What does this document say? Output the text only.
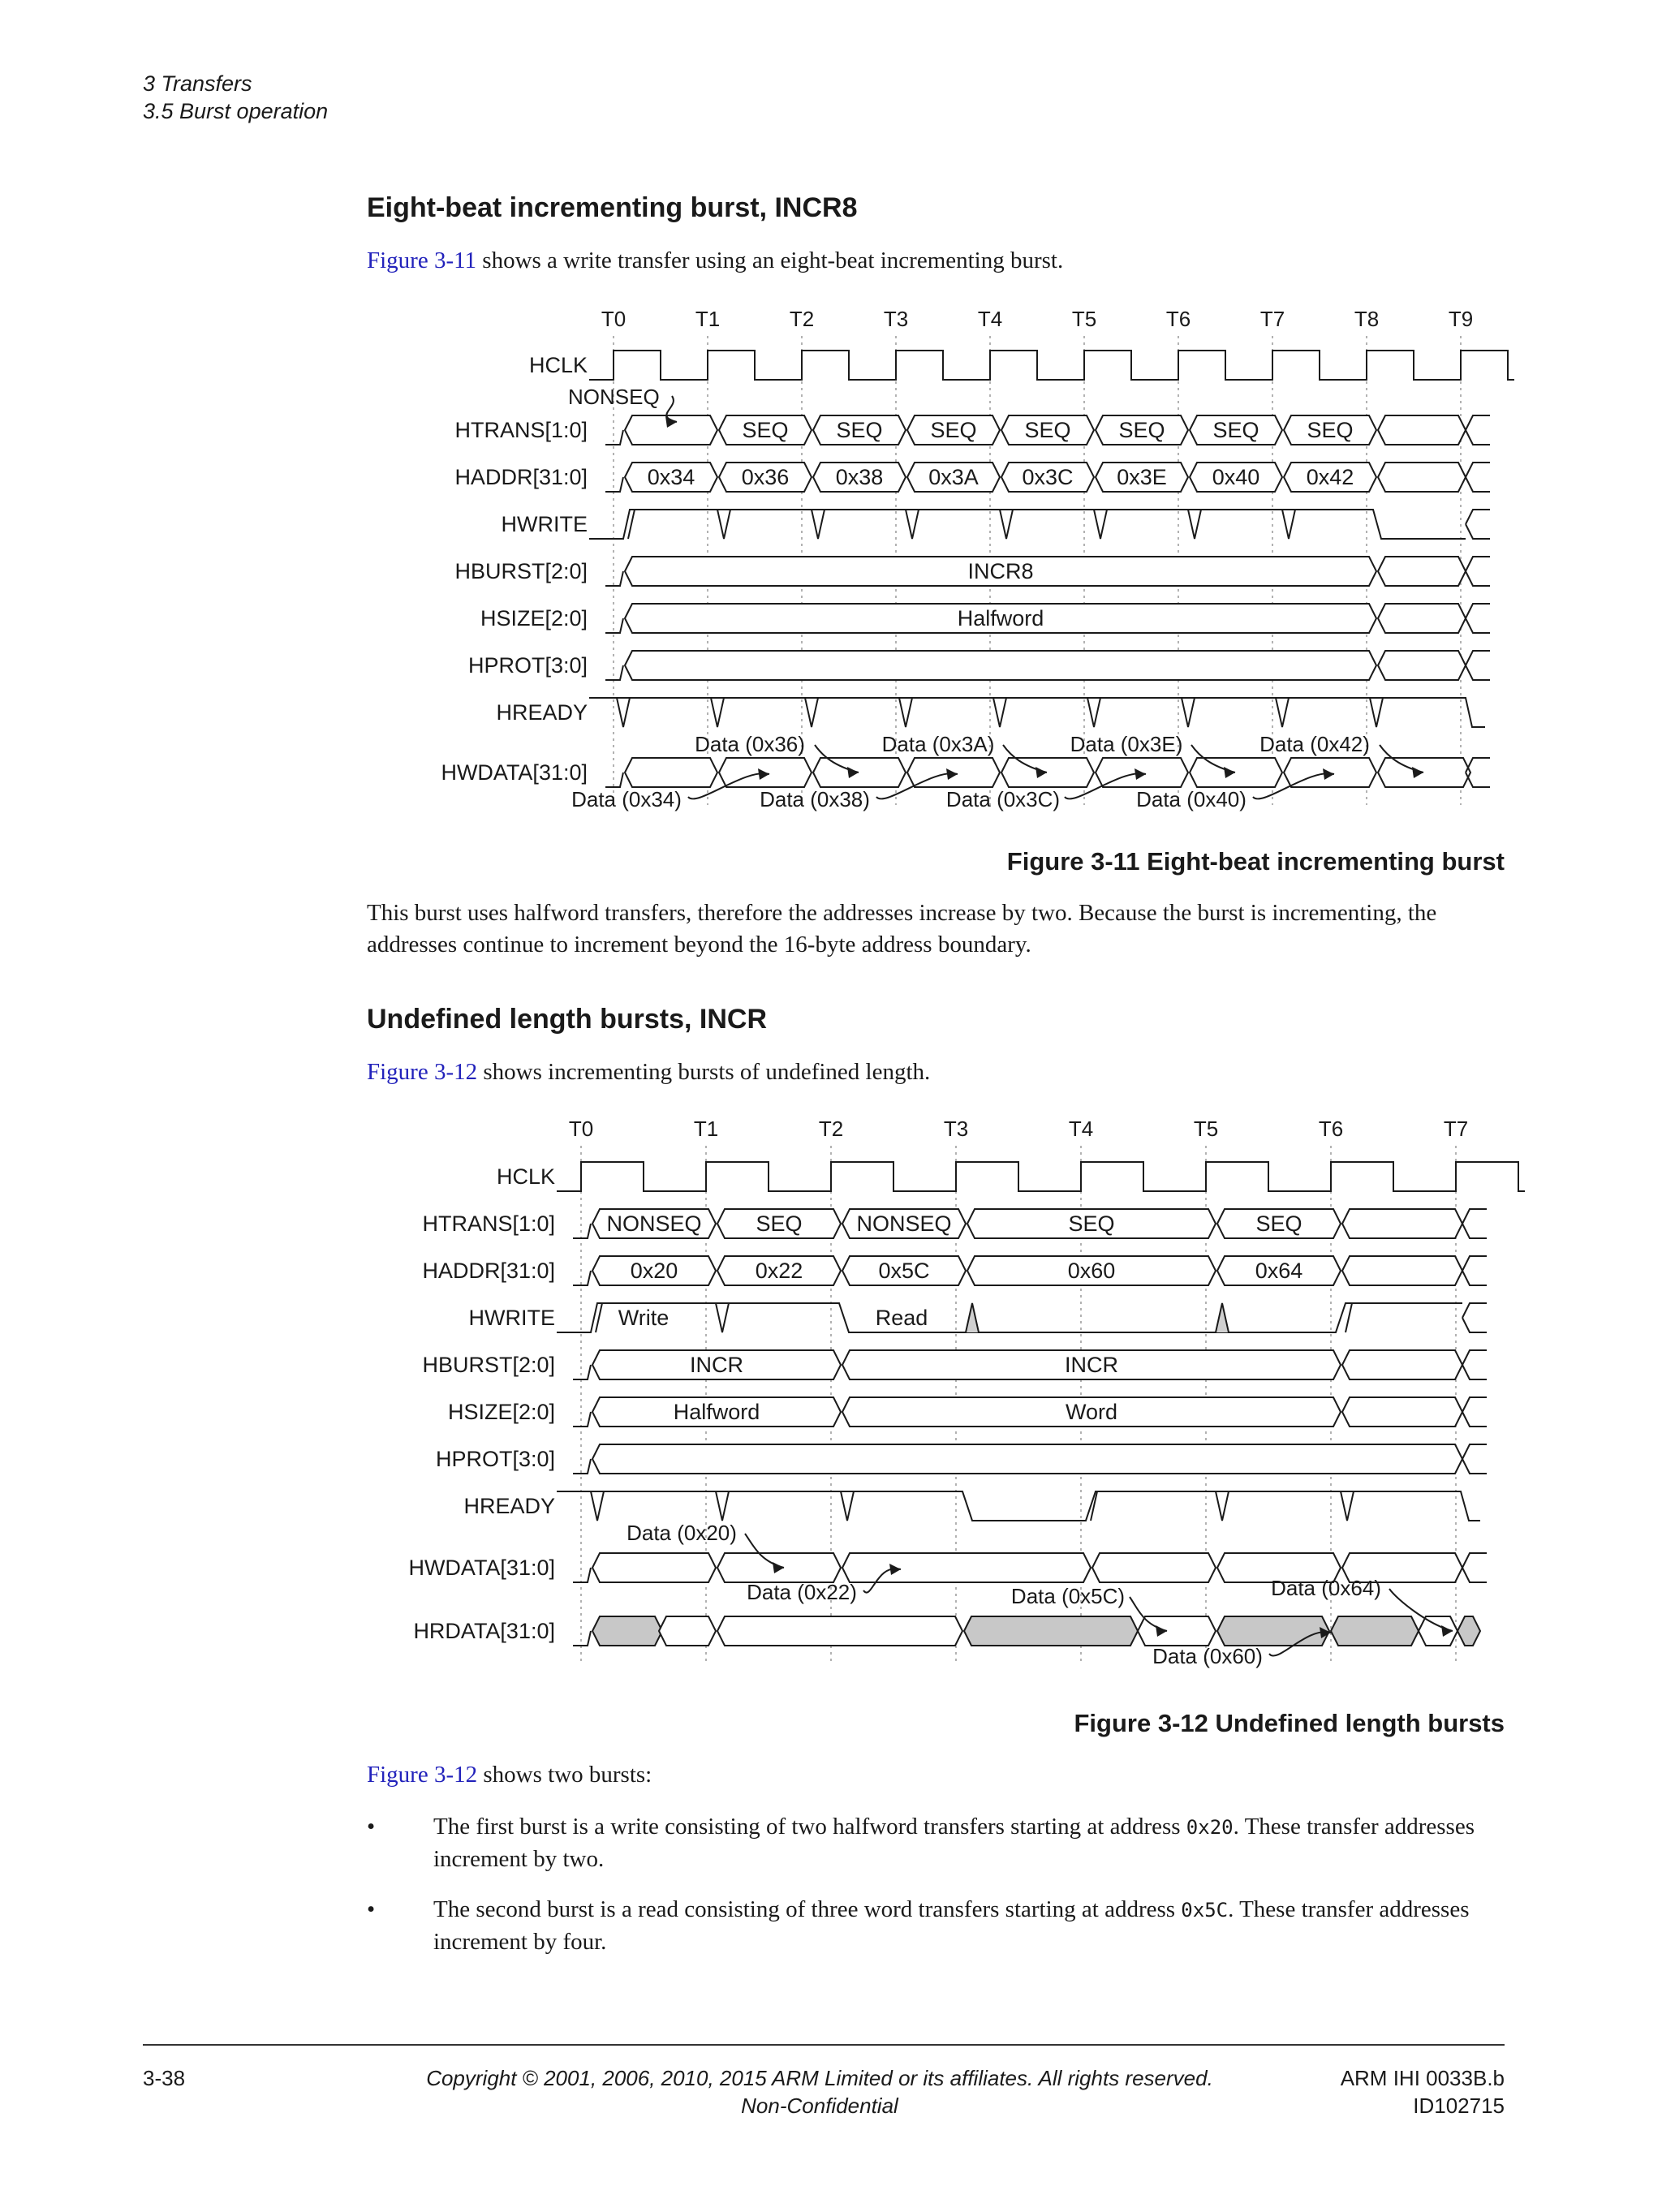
3 Transfers
3.5 Burst operation
Eight-beat incrementing burst, INCR8

Figure 3-11 shows a write transfer using an eight-beat incrementing burst.

T0	T1	T2	T3	T4	T5	T6	T7	T8	T9
HCLK
HTRANS[1:0]
HADDR[31:0]
HWRITE
HBURST[2:0]
HSIZE[2:0]
HPROT[3:0]
HREADY
HWDATA[31:0]
NONSEQ
SEQ SEQ SEQ SEQ SEQ SEQ SEQ
0x34 0x36 0x38 0x3A 0x3C 0x3E 0x40 0x42
INCR8
Halfword
Data (0x36)	Data (0x3A)	Data (0x3E)	Data (0x42)
Data (0x34)	Data (0x38)	Data (0x3C)	Data (0x40)
Figure 3-11 Eight-beat incrementing burst

This burst uses halfword transfers, therefore the addresses increase by two. Because the burst is incrementing, the addresses continue to increment beyond the 16-byte address boundary.

Undefined length bursts, INCR

Figure 3-12 shows incrementing bursts of undefined length.

T0	T1	T2	T3	T4	T5	T6	T7
HCLK
HTRANS[1:0]
HADDR[31:0]
HWRITE
HBURST[2:0]
HSIZE[2:0]
HPROT[3:0]
HREADY
HWDATA[31:0]
HRDATA[31:0]
NONSEQ SEQ NONSEQ	SEQ	SEQ
0x20	0x22	0x5C	0x60	0x64
Write	Read
INCR	INCR
Halfword	Word
Data (0x20)
Data (0x22)	Data (0x5C)
Data (0x60)
Data (0x64)
Figure 3-12 Undefined length bursts

Figure 3-12 shows two bursts:

• The first burst is a write consisting of two halfword transfers starting at address 0x20. These transfer addresses increment by two.
• The second burst is a read consisting of three word transfers starting at address 0x5C. These transfer addresses increment by four.
3-38	Copyright © 2001, 2006, 2010, 2015 ARM Limited or its affiliates. All rights reserved.
Non-Confidential
ARM IHI 0033B.b
ID102715
